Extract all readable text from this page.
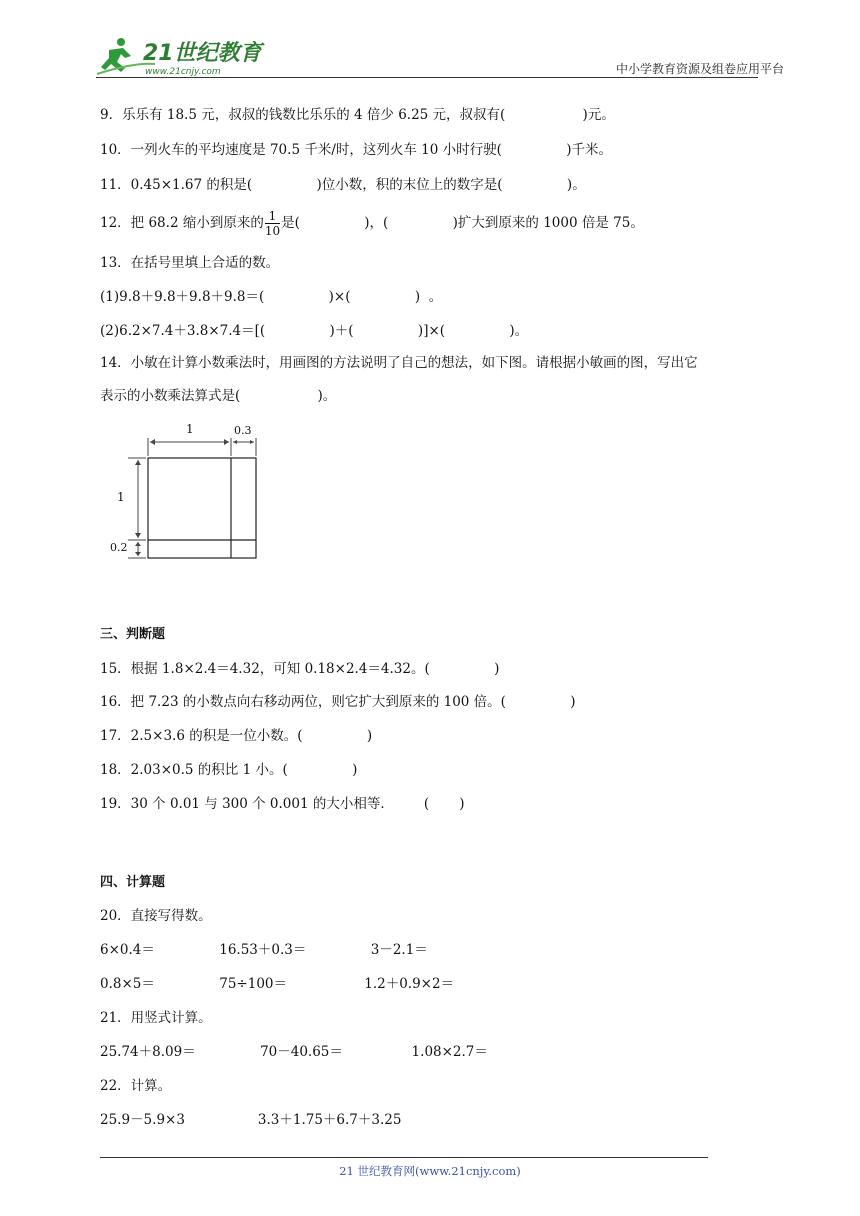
21世纪教育
www.21cnjy.com	中小学教育资源及组卷应用平台
9．乐乐有 18.5 元，叔叔的钱数比乐乐的 4 倍少 6.25 元，叔叔有(                  )元。
10．一列火车的平均速度是 70.5 千米/时，这列火车 10 小时行驶(               )千米。
11．0.45×1.67 的积是(               )位小数，积的末位上的数字是(               )。
12．把 68.2 缩小到原来的 $\frac{1}{10}$ 是(               )，(               )扩大到原来的 1000 倍是 75。
13．在括号里填上合适的数。
(1)9.8＋9.8＋9.8＋9.8＝(               )×(               )  。
(2)6.2×7.4＋3.8×7.4＝[(               )＋(               )]×(               )。
14．小敏在计算小数乘法时，用画图的方法说明了自己的想法，如下图。请根据小敏画的图，写出它
表示的小数乘法算式是(                  )。
1	0.3
1
0.2
三、判断题
15．根据 1.8×2.4＝4.32，可知 0.18×2.4＝4.32。(               )
16．把 7.23 的小数点向右移动两位，则它扩大到原来的 100 倍。(               )
17．2.5×3.6 的积是一位小数。(               )
18．2.03×0.5 的积比 1 小。(               )
19．30 个 0.01 与 300 个 0.001 的大小相等．       (       )
四、计算题
20．直接写得数。
6×0.4＝               16.53＋0.3＝               3－2.1＝
0.8×5＝               75÷100＝                  1.2＋0.9×2＝
21．用竖式计算。
25.74＋8.09＝               70－40.65＝                1.08×2.7＝
22．计算。
25.9－5.9×3                 3.3＋1.75＋6.7＋3.25
21 世纪教育网(www.21cnjy.com)
